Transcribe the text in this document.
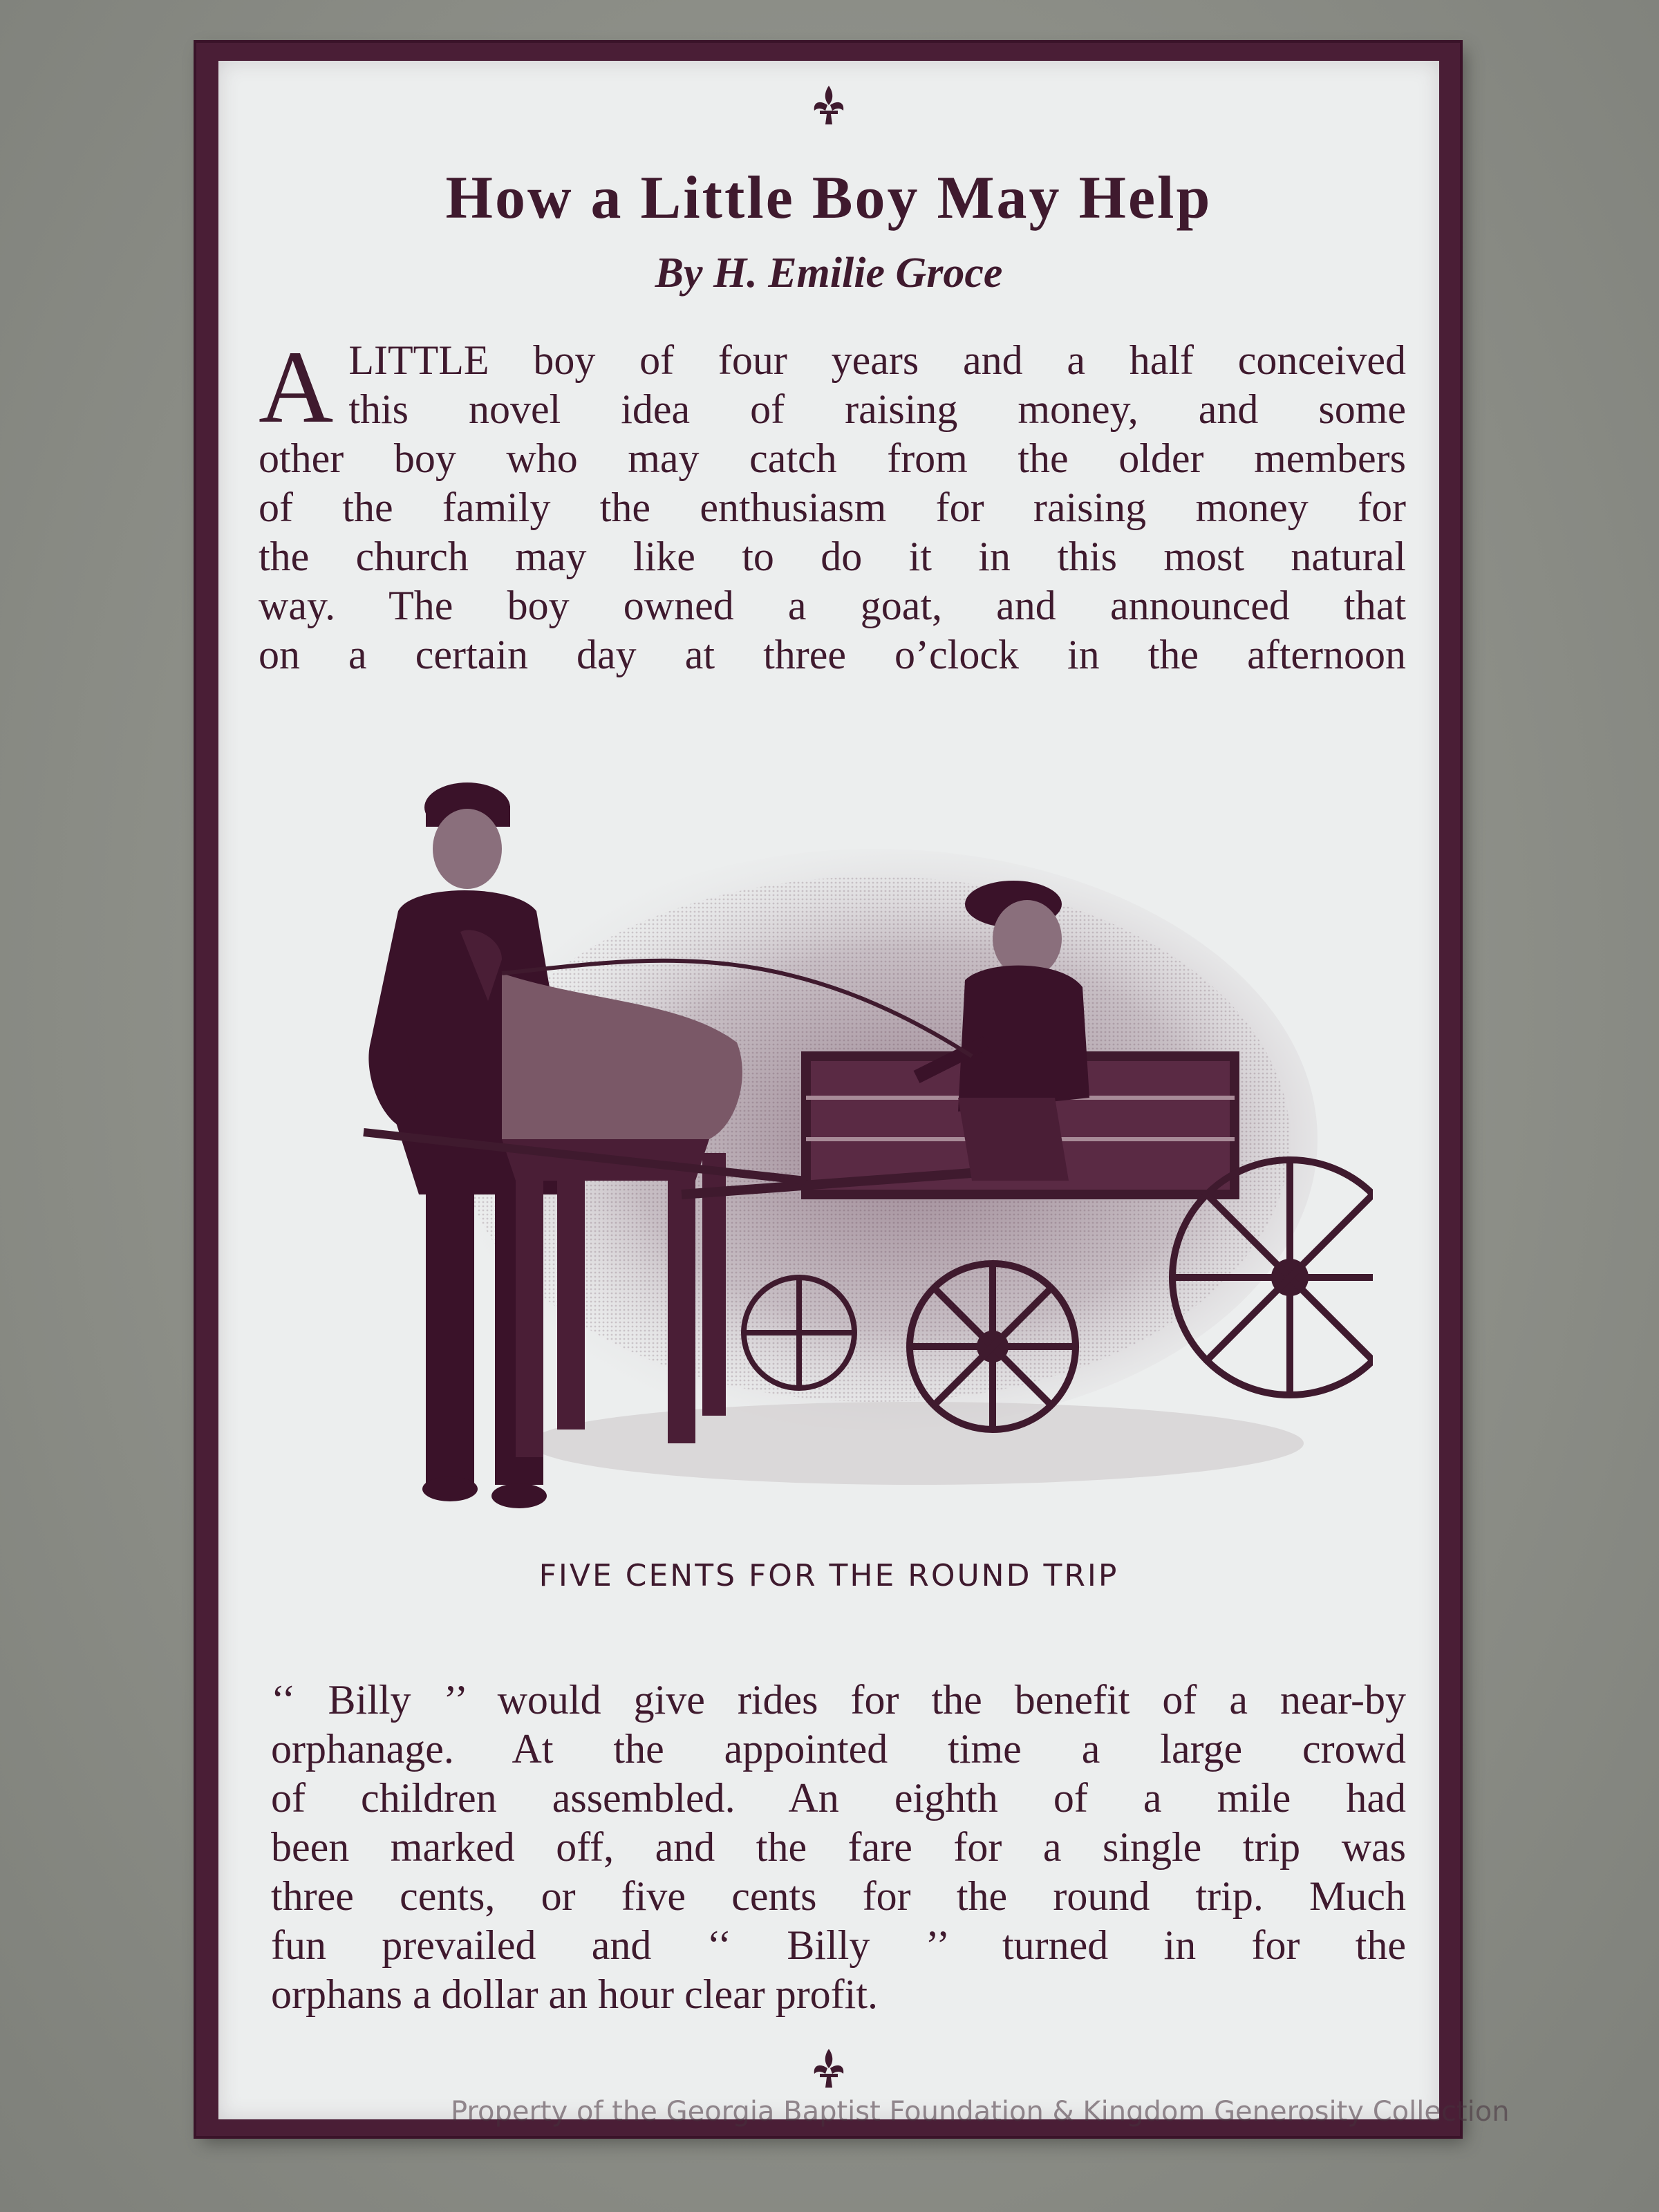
How a Little Boy May Help
By H. Emilie Groce
A LITTLE boy of four years and a half conceived
this novel idea of raising money, and some
other boy who may catch from the older members
of the family the enthusiasm for raising money for
the church may like to do it in this most natural
way. The boy owned a goat, and announced that
on a certain day at three o’clock in the afternoon
FIVE CENTS FOR THE ROUND TRIP
‘‘ Billy ’’ would give rides for the benefit of a near-by
orphanage. At the appointed time a large crowd
of children assembled. An eighth of a mile had
been marked off, and the fare for a single trip was
three cents, or five cents for the round trip. Much
fun prevailed and ‘‘ Billy ’’ turned in for the
orphans a dollar an hour clear profit.
Property of the Georgia Baptist Foundation & Kingdom Generosity Collection
